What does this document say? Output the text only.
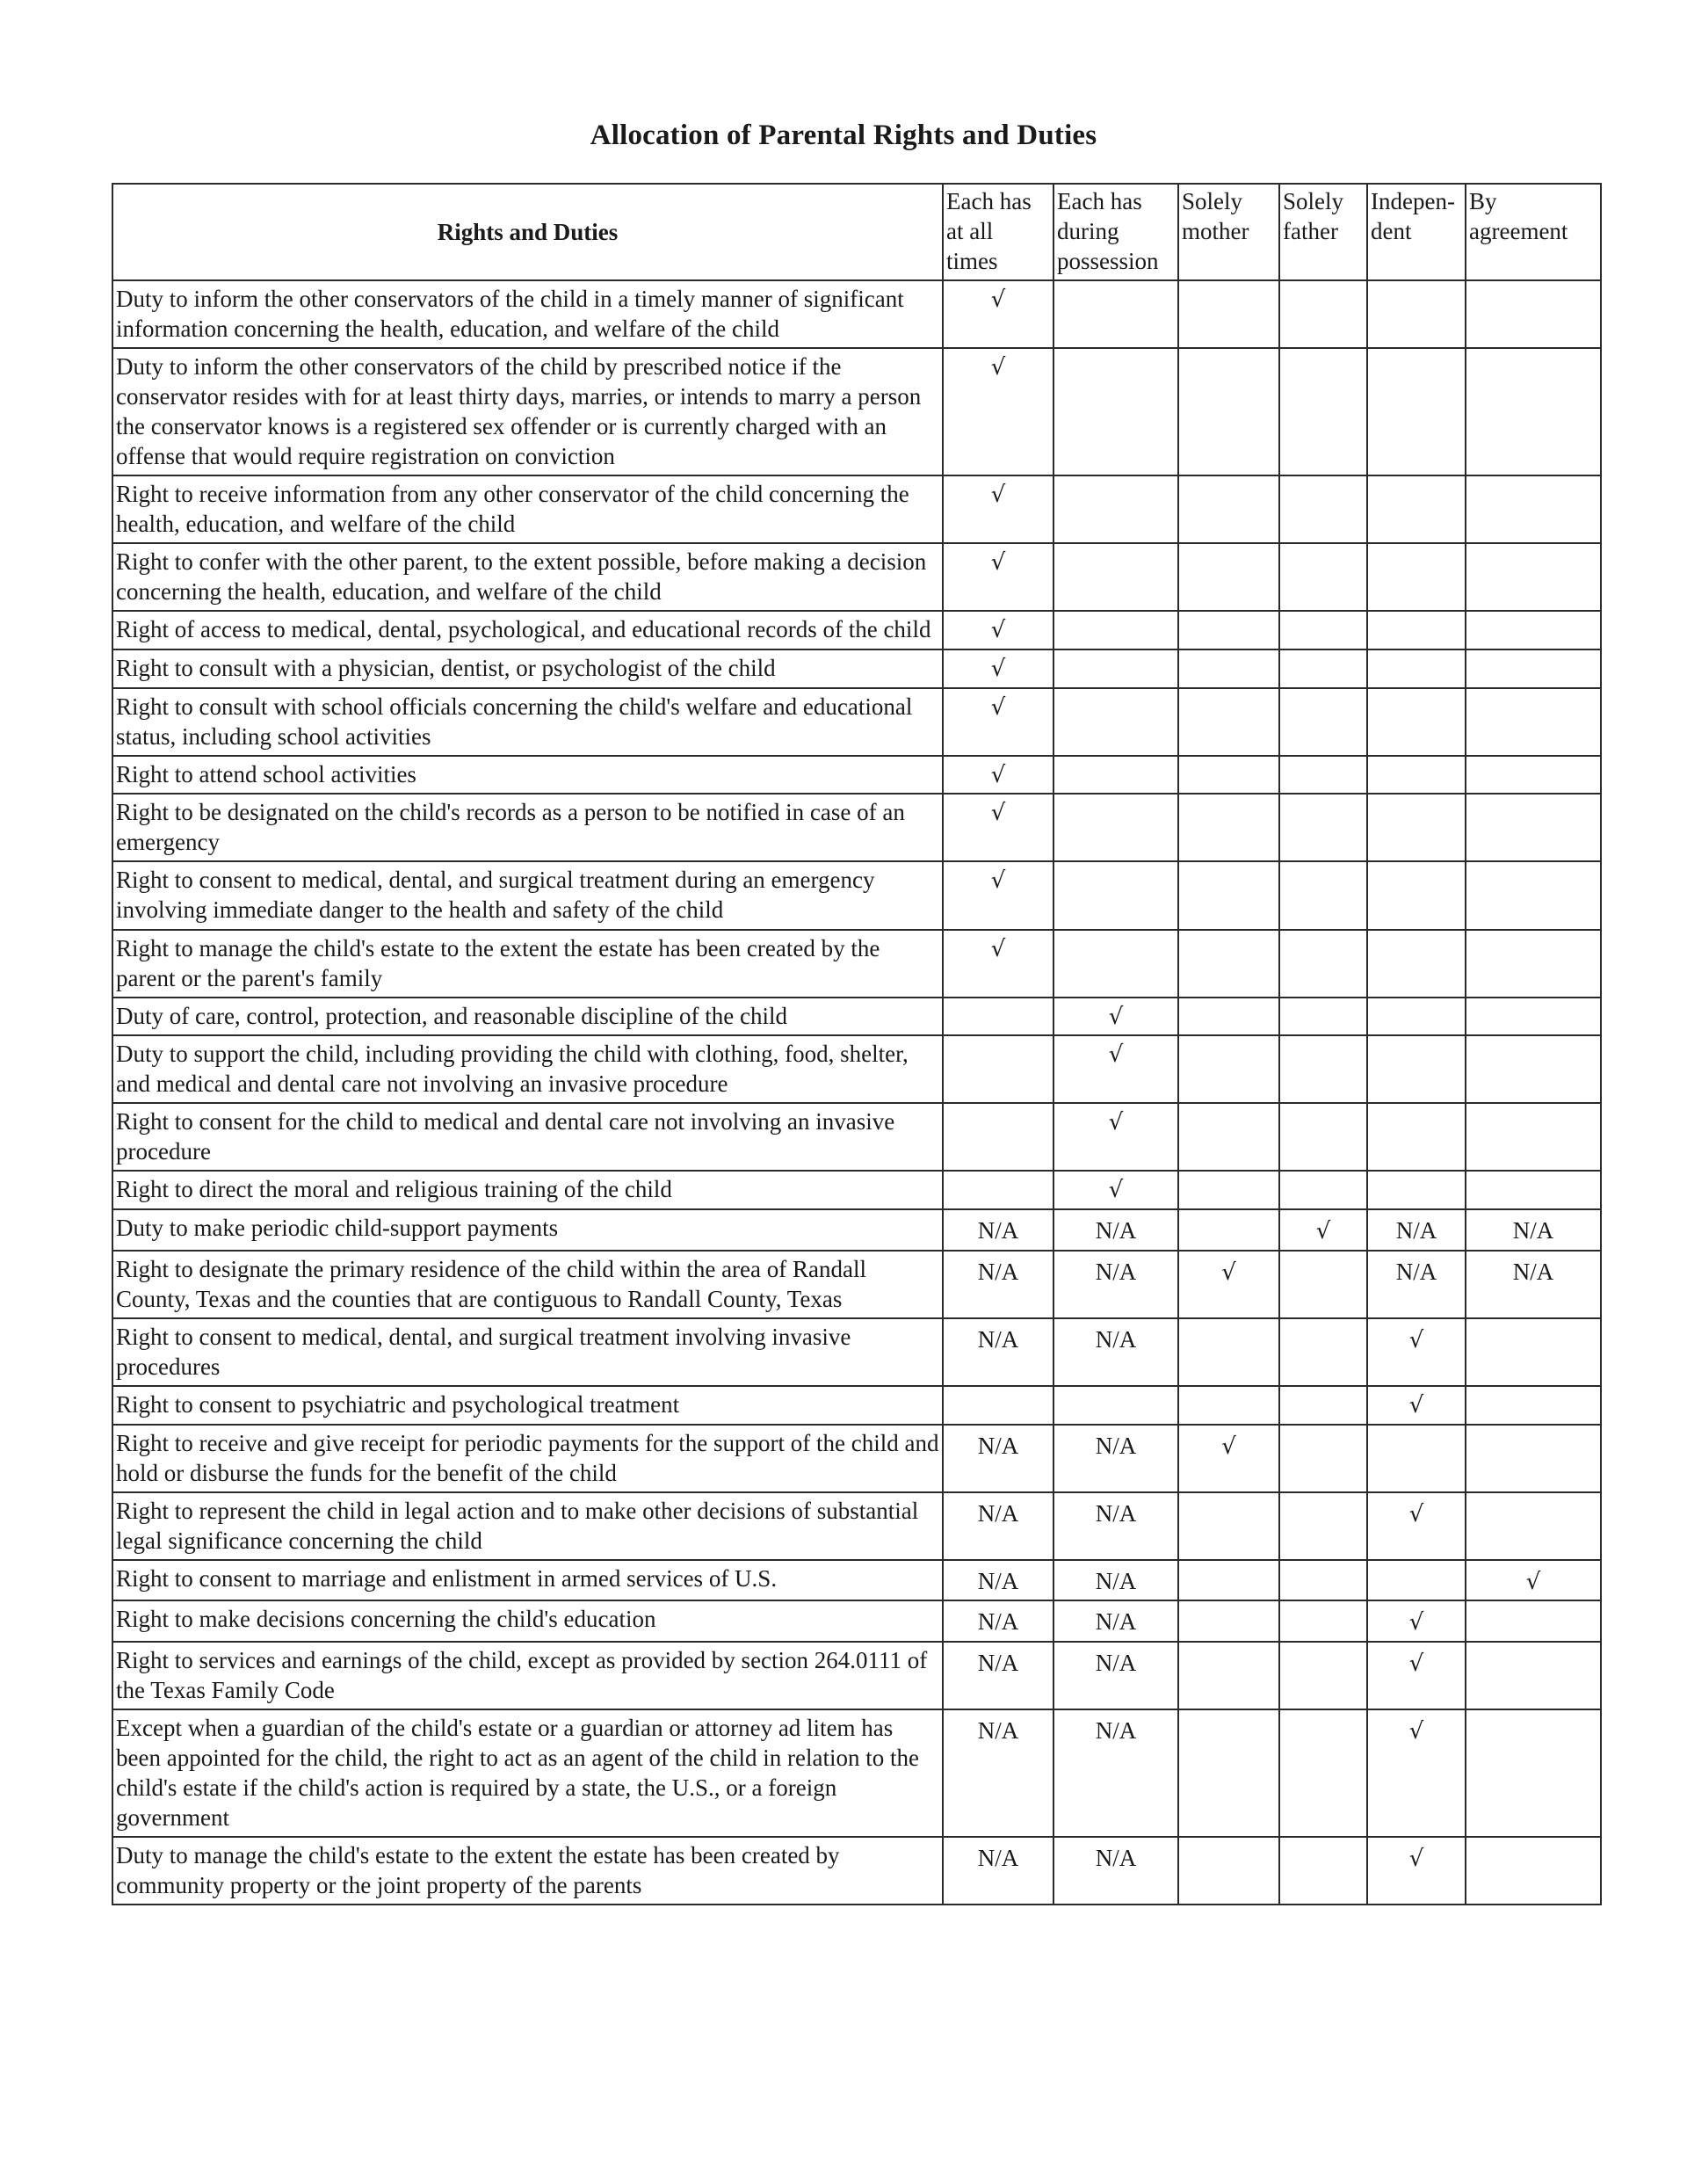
Allocation of Parental Rights and Duties
Rights and Duties	Each has at all times	Each has during possession	Solely mother	Solely father	Indepen-dent	By agreement
Duty to inform the other conservators of the child in a timely manner of significant information concerning the health, education, and welfare of the child	√					
Duty to inform the other conservators of the child by prescribed notice if the conservator resides with for at least thirty days, marries, or intends to marry a person the conservator knows is a registered sex offender or is currently charged with an offense that would require registration on conviction	√					
Right to receive information from any other conservator of the child concerning the health, education, and welfare of the child	√					
Right to confer with the other parent, to the extent possible, before making a decision concerning the health, education, and welfare of the child	√					
Right of access to medical, dental, psychological, and educational records of the child	√					
Right to consult with a physician, dentist, or psychologist of the child	√					
Right to consult with school officials concerning the child's welfare and educational status, including school activities	√					
Right to attend school activities	√					
Right to be designated on the child's records as a person to be notified in case of an emergency	√					
Right to consent to medical, dental, and surgical treatment during an emergency involving immediate danger to the health and safety of the child	√					
Right to manage the child's estate to the extent the estate has been created by the parent or the parent's family	√					
Duty of care, control, protection, and reasonable discipline of the child		√				
Duty to support the child, including providing the child with clothing, food, shelter, and medical and dental care not involving an invasive procedure		√				
Right to consent for the child to medical and dental care not involving an invasive procedure		√				
Right to direct the moral and religious training of the child		√				
Duty to make periodic child-support payments	N/A	N/A		√	N/A	N/A
Right to designate the primary residence of the child within the area of Randall County, Texas and the counties that are contiguous to Randall County, Texas	N/A	N/A	√		N/A	N/A
Right to consent to medical, dental, and surgical treatment involving invasive procedures	N/A	N/A			√	
Right to consent to psychiatric and psychological treatment					√	
Right to receive and give receipt for periodic payments for the support of the child and hold or disburse the funds for the benefit of the child	N/A	N/A	√			
Right to represent the child in legal action and to make other decisions of substantial legal significance concerning the child	N/A	N/A			√	
Right to consent to marriage and enlistment in armed services of U.S.	N/A	N/A				√
Right to make decisions concerning the child's education	N/A	N/A			√	
Right to services and earnings of the child, except as provided by section 264.0111 of the Texas Family Code	N/A	N/A			√	
Except when a guardian of the child's estate or a guardian or attorney ad litem has been appointed for the child, the right to act as an agent of the child in relation to the child's estate if the child's action is required by a state, the U.S., or a foreign government	N/A	N/A			√	
Duty to manage the child's estate to the extent the estate has been created by community property or the joint property of the parents	N/A	N/A			√	
